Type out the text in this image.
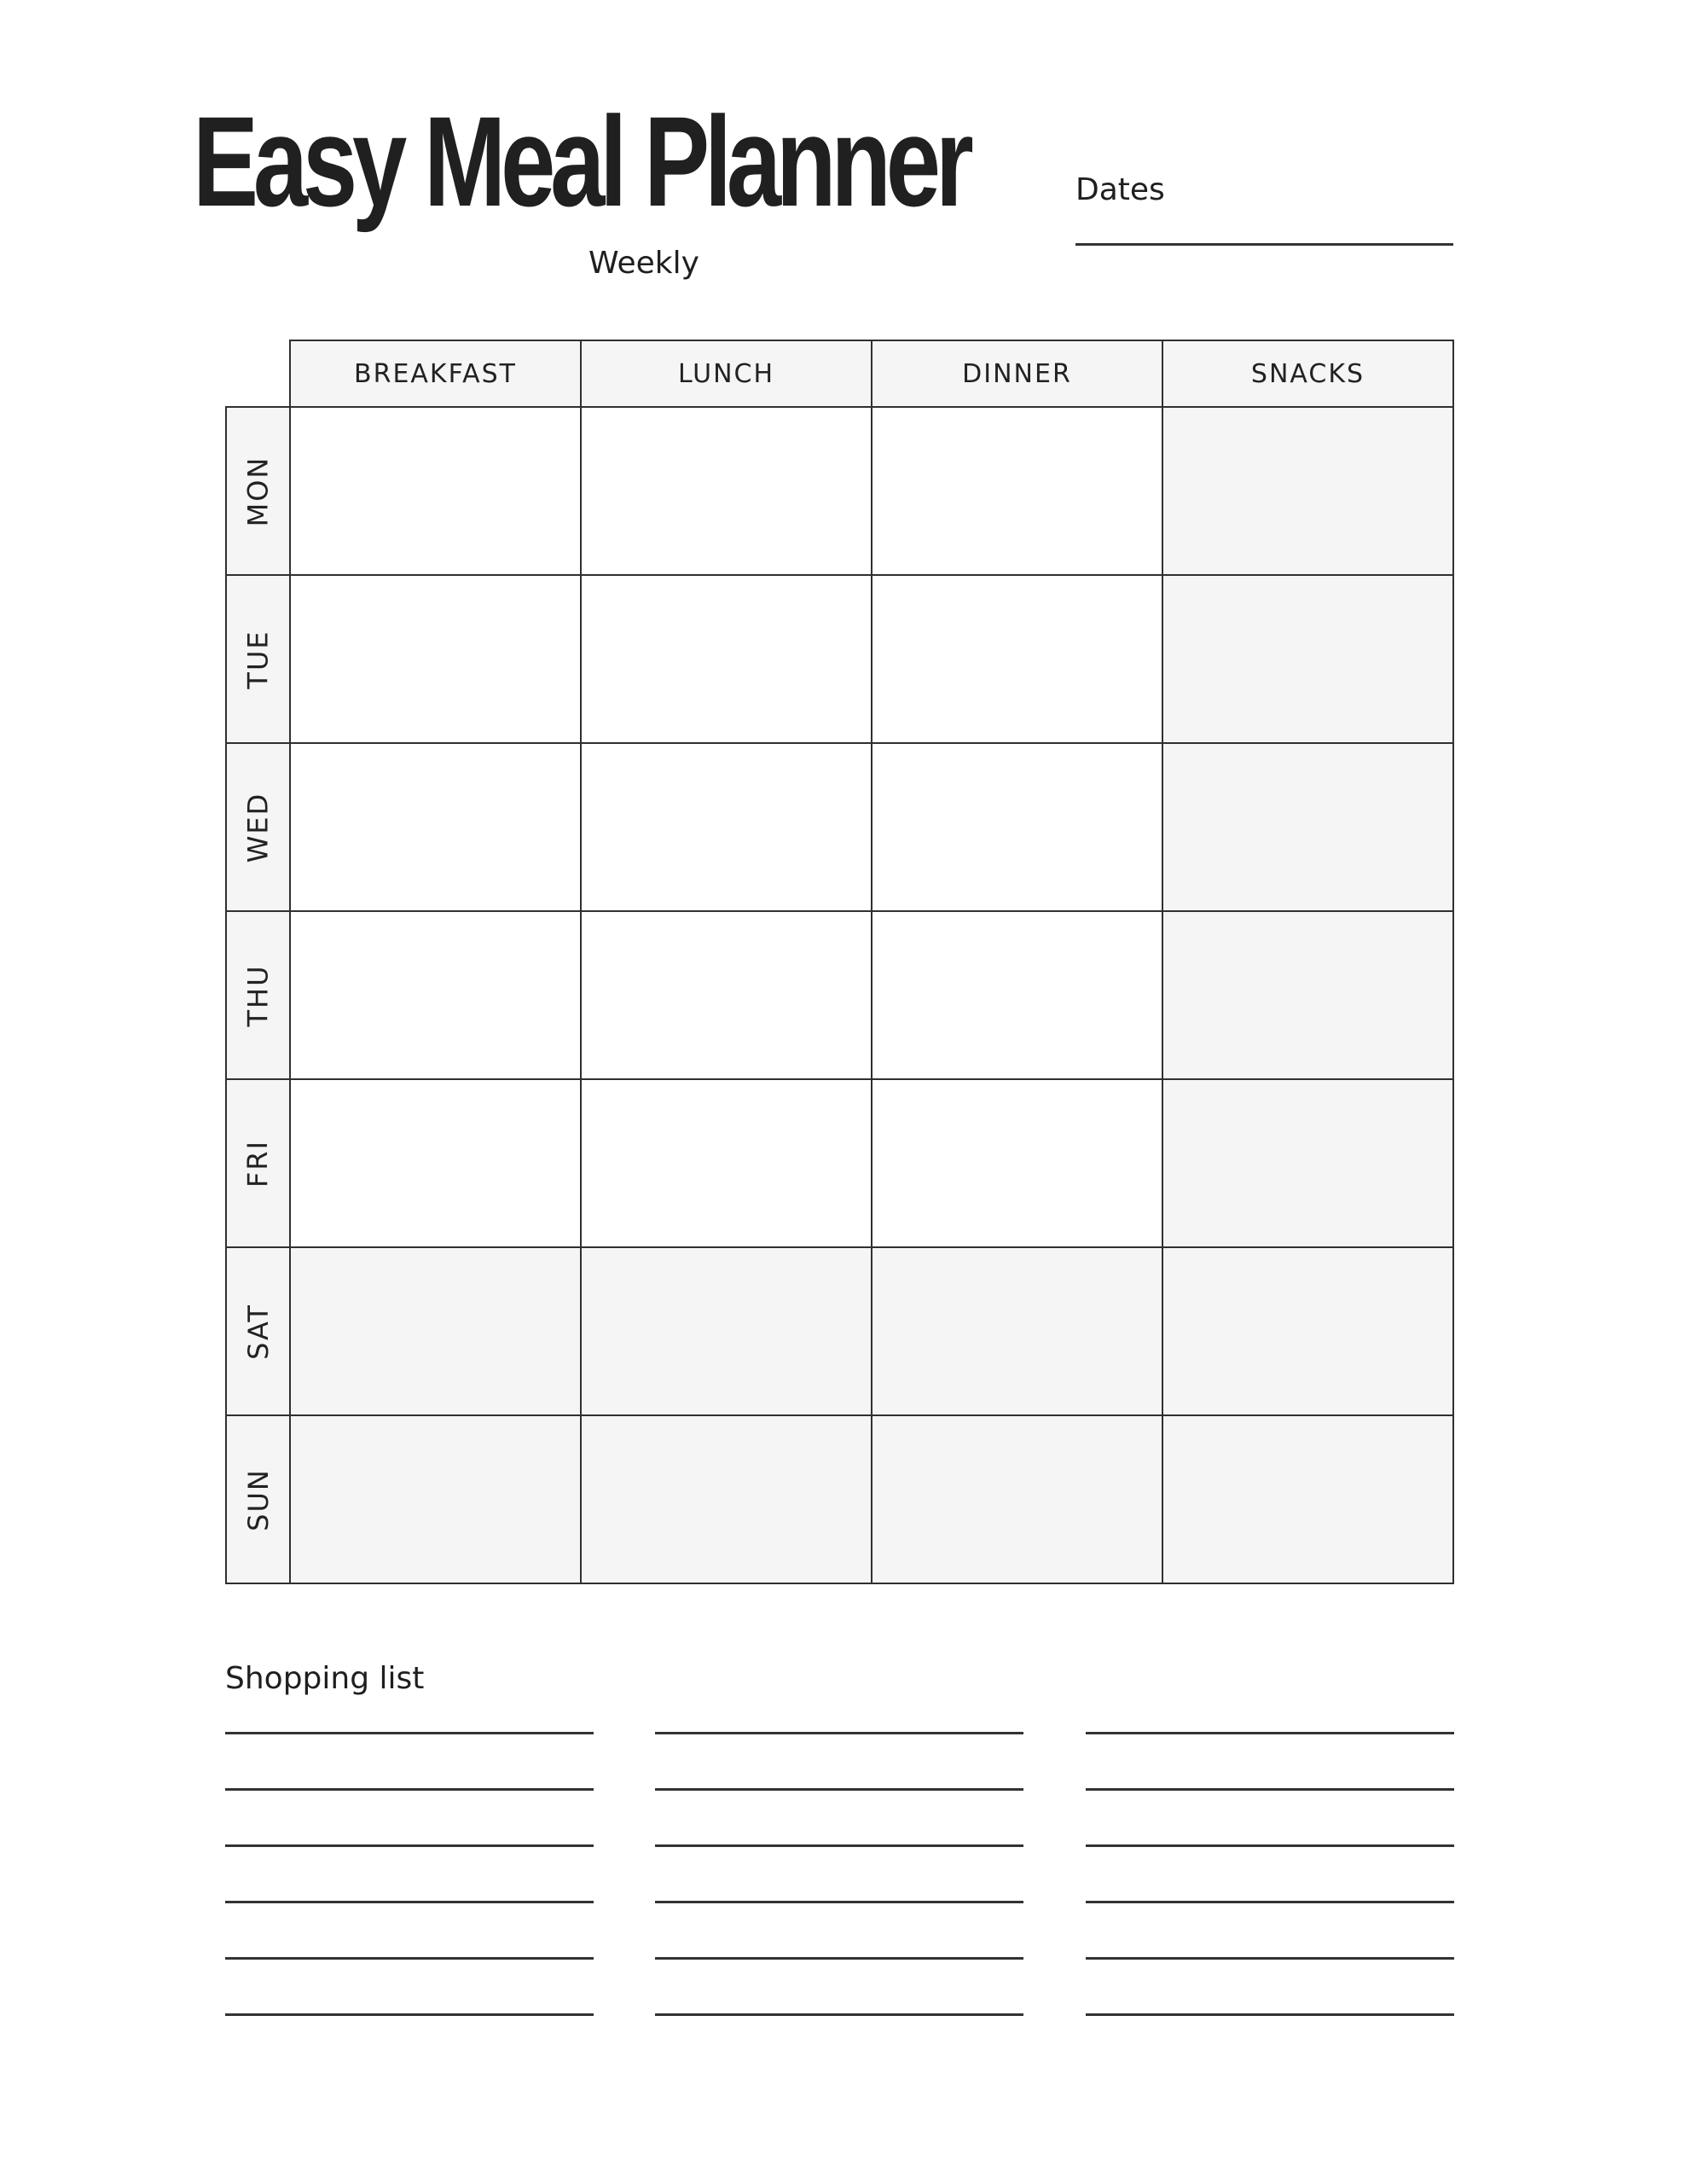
Easy Meal Planner
Weekly
Dates
BREAKFAST	LUNCH	DINNER	SNACKS
MON
TUE
WED
THU
FRI
SAT
SUN
Shopping list
